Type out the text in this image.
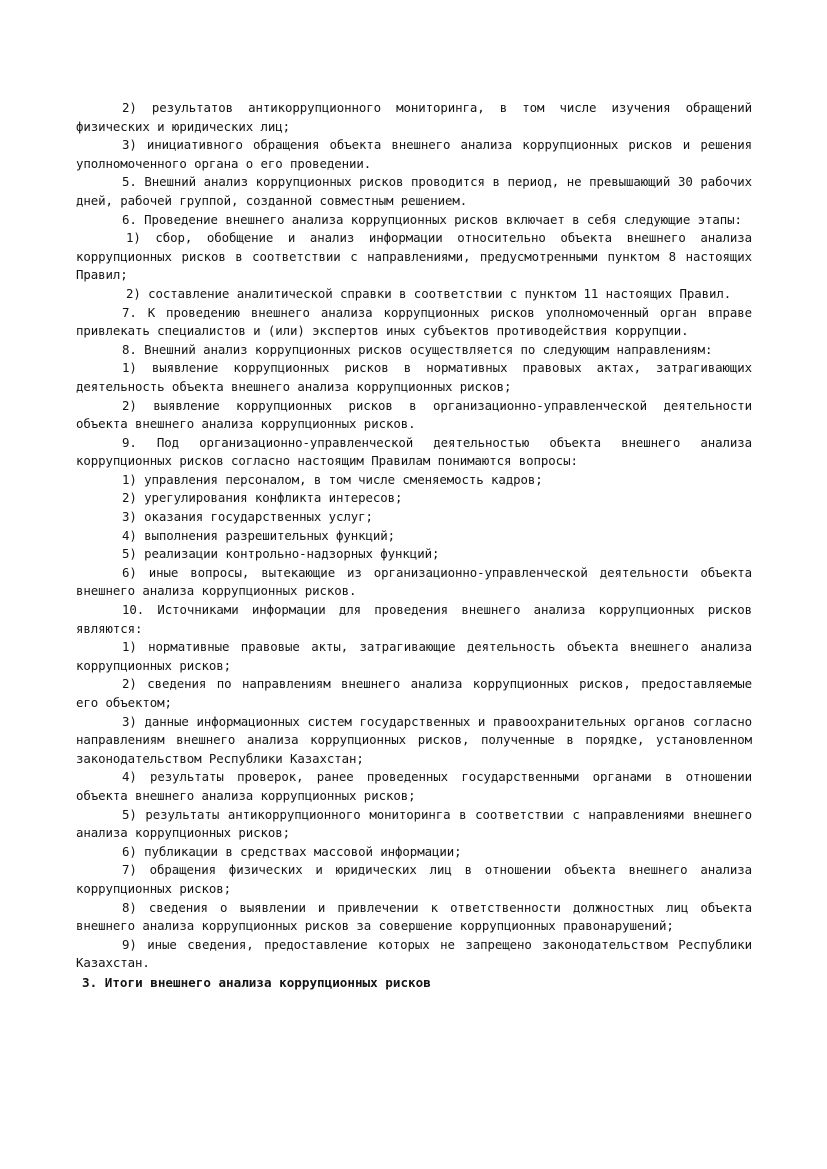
2) результатов антикоррупционного мониторинга, в том числе изучения обращений физических и юридических лиц;

3) инициативного обращения объекта внешнего анализа коррупционных рисков и решения уполномоченного органа о его проведении.

5. Внешний анализ коррупционных рисков проводится в период, не превышающий 30 рабочих дней, рабочей группой, созданной совместным решением.

6. Проведение внешнего анализа коррупционных рисков включает в себя следующие этапы:

1) сбор, обобщение и анализ информации относительно объекта внешнего анализа коррупционных рисков в соответствии с направлениями, предусмотренными пунктом 8 настоящих Правил;

2) составление аналитической справки в соответствии с пунктом 11 настоящих Правил.

7. К проведению внешнего анализа коррупционных рисков уполномоченный орган вправе привлекать специалистов и (или) экспертов иных субъектов противодействия коррупции.

8. Внешний анализ коррупционных рисков осуществляется по следующим направлениям:

1) выявление коррупционных рисков в нормативных правовых актах, затрагивающих деятельность объекта внешнего анализа коррупционных рисков;

2) выявление коррупционных рисков в организационно-управленческой деятельности объекта внешнего анализа коррупционных рисков.

9. Под организационно-управленческой деятельностью объекта внешнего анализа коррупционных рисков согласно настоящим Правилам понимаются вопросы:

1) управления персоналом, в том числе сменяемость кадров;

2) урегулирования конфликта интересов;

3) оказания государственных услуг;

4) выполнения разрешительных функций;

5) реализации контрольно-надзорных функций;

6) иные вопросы, вытекающие из организационно-управленческой деятельности объекта внешнего анализа коррупционных рисков.

10. Источниками информации для проведения внешнего анализа коррупционных рисков являются:

1) нормативные правовые акты, затрагивающие деятельность объекта внешнего анализа коррупционных рисков;

2) сведения по направлениям внешнего анализа коррупционных рисков, предоставляемые его объектом;

3) данные информационных систем государственных и правоохранительных органов согласно направлениям внешнего анализа коррупционных рисков, полученные в порядке, установленном законодательством Республики Казахстан;

4) результаты проверок, ранее проведенных государственными органами в отношении объекта внешнего анализа коррупционных рисков;

5) результаты антикоррупционного мониторинга в соответствии с направлениями внешнего анализа коррупционных рисков;

6) публикации в средствах массовой информации;

7) обращения физических и юридических лиц в отношении объекта внешнего анализа коррупционных рисков;

8) сведения о выявлении и привлечении к ответственности должностных лиц объекта внешнего анализа коррупционных рисков за совершение коррупционных правонарушений;

9) иные сведения, предоставление которых не запрещено законодательством Республики Казахстан.

3. Итоги внешнего анализа коррупционных рисков
